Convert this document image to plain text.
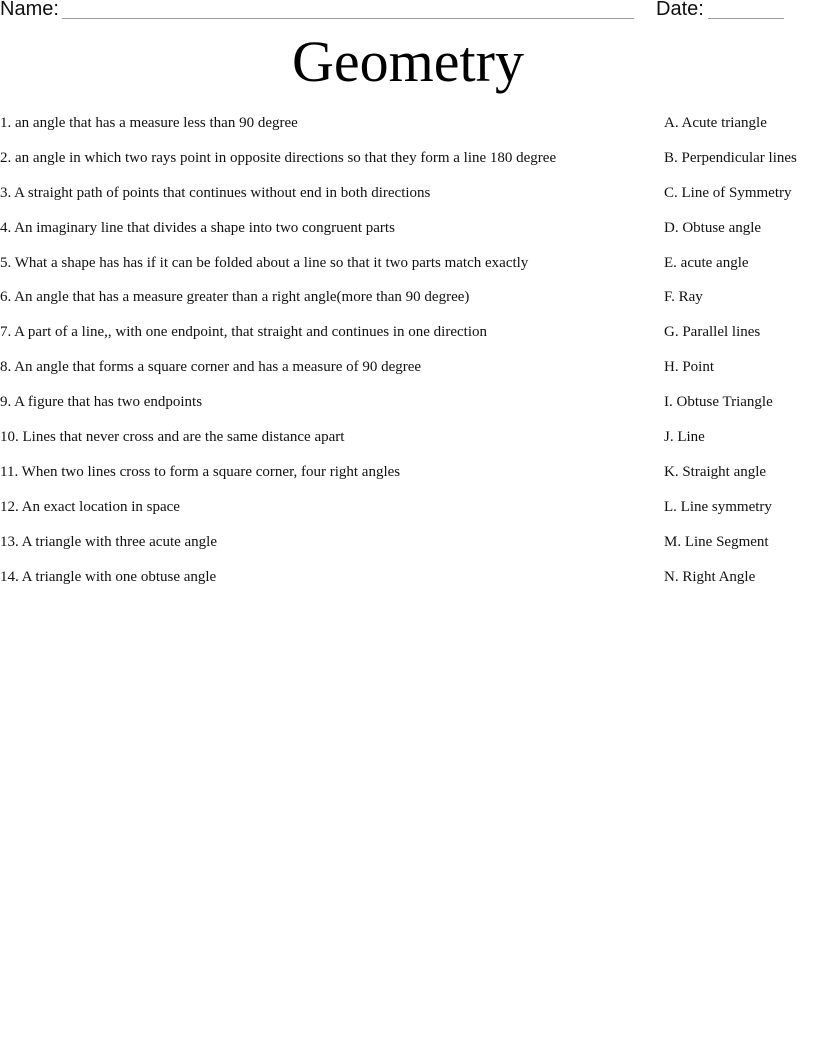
Name:	Date:
Geometry
1. an angle that has a measure less than 90 degree
2. an angle in which two rays point in opposite directions so that they form a line 180 degree
3. A straight path of points that continues without end in both directions
4. An imaginary line that divides a shape into two congruent parts
5. What a shape has has if it can be folded about a line so that it two parts match exactly
6. An angle that has a measure greater than a right angle(more than 90 degree)
7. A part of a line,, with one endpoint, that straight and continues in one direction
8. An angle that forms a square corner and has a measure of 90 degree
9. A figure that has two endpoints
10. Lines that never cross and are the same distance apart
11. When two lines cross to form a square corner, four right angles
12. An exact location in space
13. A triangle with three acute angle
14. A triangle with one obtuse angle
A. Acute triangle
B. Perpendicular lines
C. Line of Symmetry
D. Obtuse angle
E. acute angle
F. Ray
G. Parallel lines
H. Point
I. Obtuse Triangle
J. Line
K. Straight angle
L. Line symmetry
M. Line Segment
N. Right Angle
